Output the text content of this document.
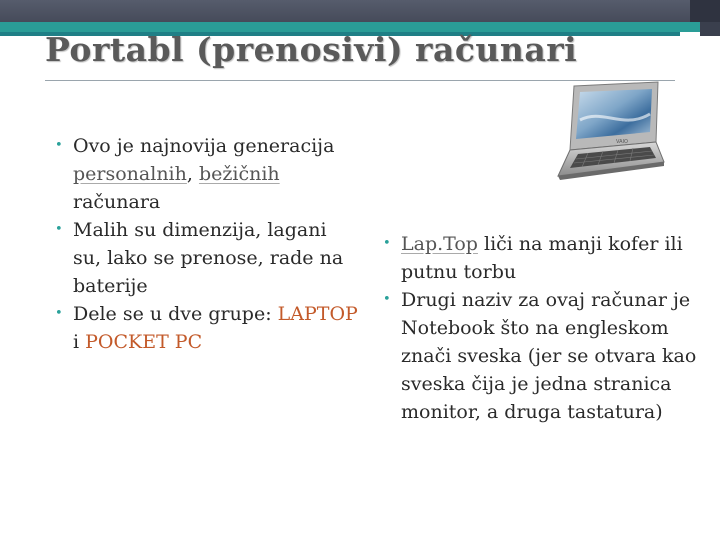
Portabl (prenosivi) računari
• Ovo je najnovija generacija personalnih, bežičnih računara
• Malih su dimenzija, lagani su, lako se prenose, rade na baterije
• Dele se u dve grupe: LAPTOP i POCKET PC
• Lap.Top liči na manji kofer ili putnu torbu
• Drugi naziv za ovaj računar je Notebook što na engleskom znači sveska (jer se otvara kao sveska čija je jedna stranica monitor, a druga tastatura)
VAIO
